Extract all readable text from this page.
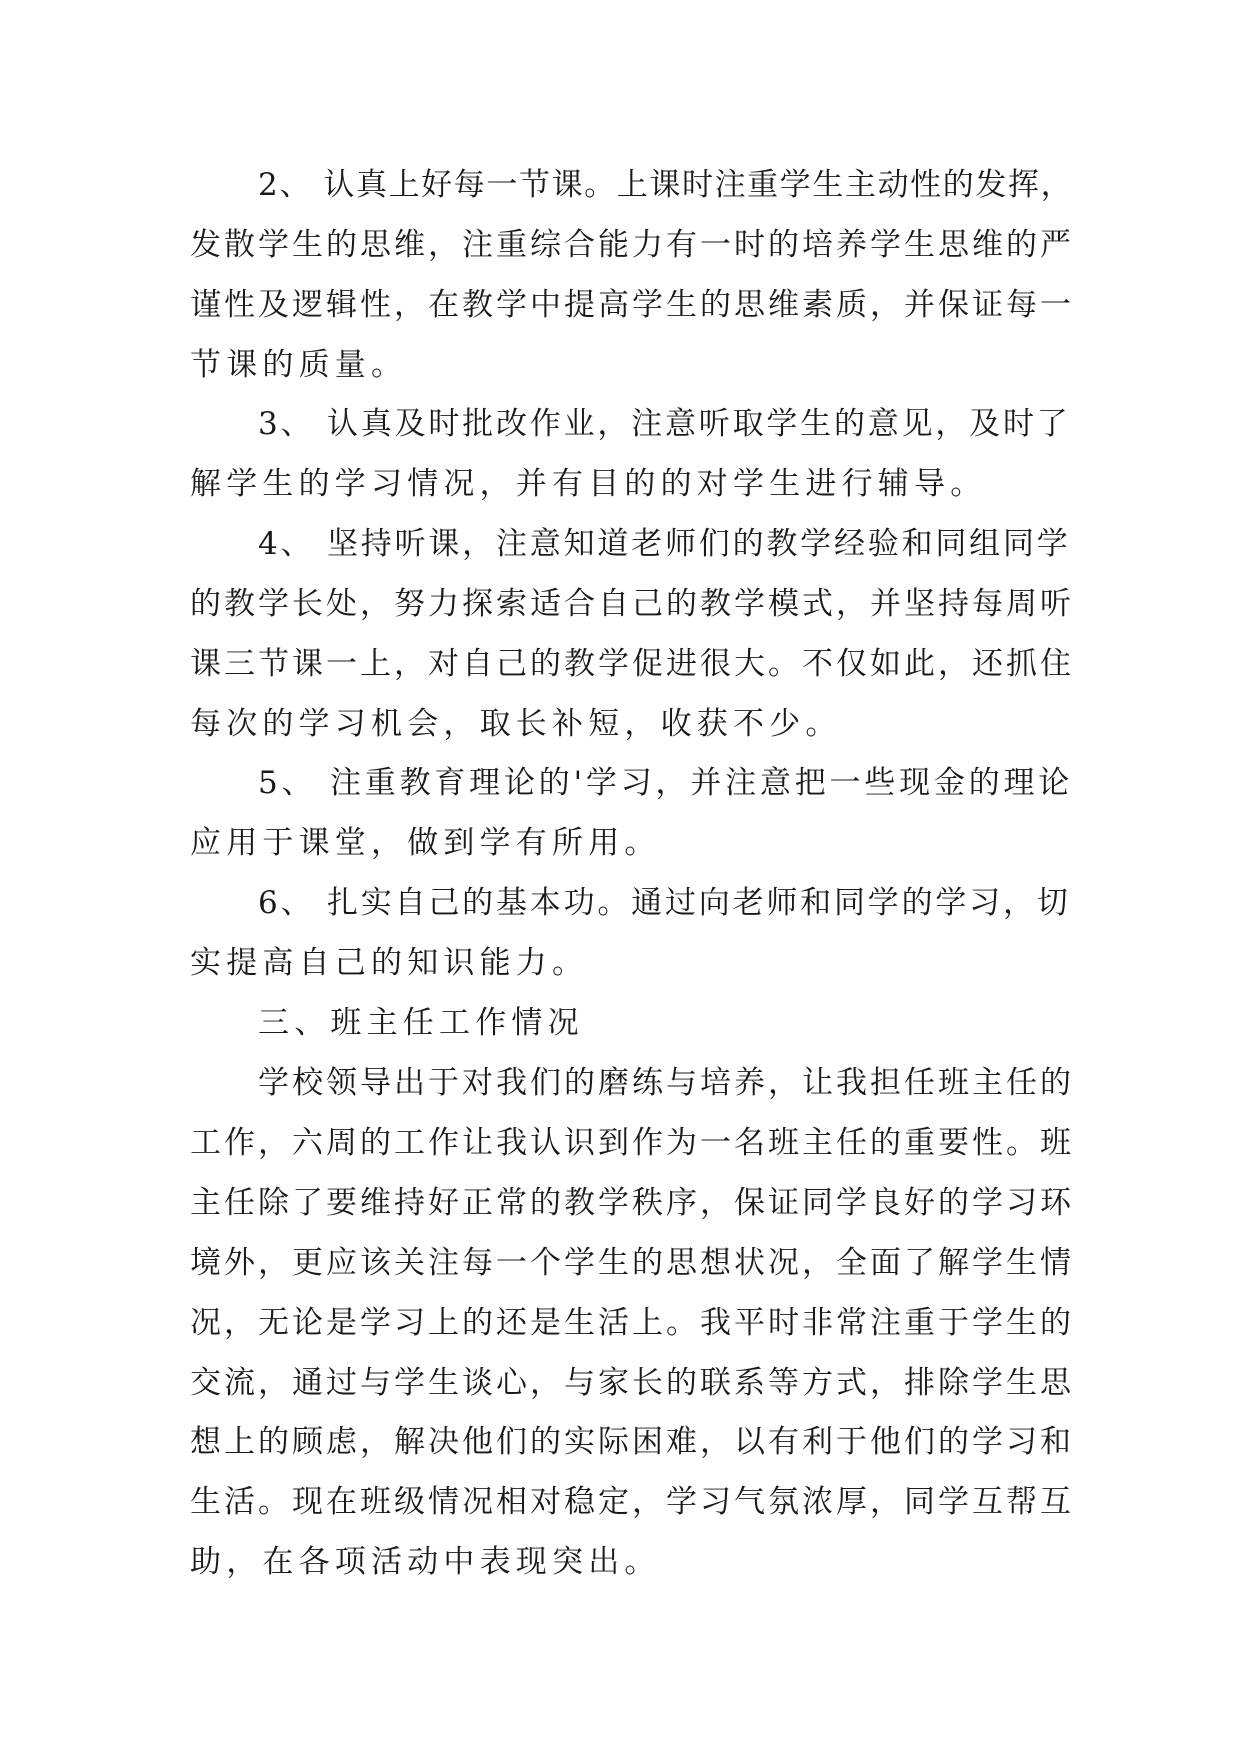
2、 认真上好每一节课。上课时注重学生主动性的发挥，
发散学生的思维，注重综合能力有一时的培养学生思维的严
谨性及逻辑性，在教学中提高学生的思维素质，并保证每一
节课的质量。
3、 认真及时批改作业，注意听取学生的意见，及时了
解学生的学习情况，并有目的的对学生进行辅导。
4、 坚持听课，注意知道老师们的教学经验和同组同学
的教学长处，努力探索适合自己的教学模式，并坚持每周听
课三节课一上，对自己的教学促进很大。不仅如此，还抓住
每次的学习机会，取长补短，收获不少。
5、 注重教育理论的'学习，并注意把一些现金的理论
应用于课堂，做到学有所用。
6、 扎实自己的基本功。通过向老师和同学的学习，切
实提高自己的知识能力。
三、班主任工作情况
学校领导出于对我们的磨练与培养，让我担任班主任的
工作，六周的工作让我认识到作为一名班主任的重要性。班
主任除了要维持好正常的教学秩序，保证同学良好的学习环
境外，更应该关注每一个学生的思想状况，全面了解学生情
况，无论是学习上的还是生活上。我平时非常注重于学生的
交流，通过与学生谈心，与家长的联系等方式，排除学生思
想上的顾虑，解决他们的实际困难，以有利于他们的学习和
生活。现在班级情况相对稳定，学习气氛浓厚，同学互帮互
助，在各项活动中表现突出。
